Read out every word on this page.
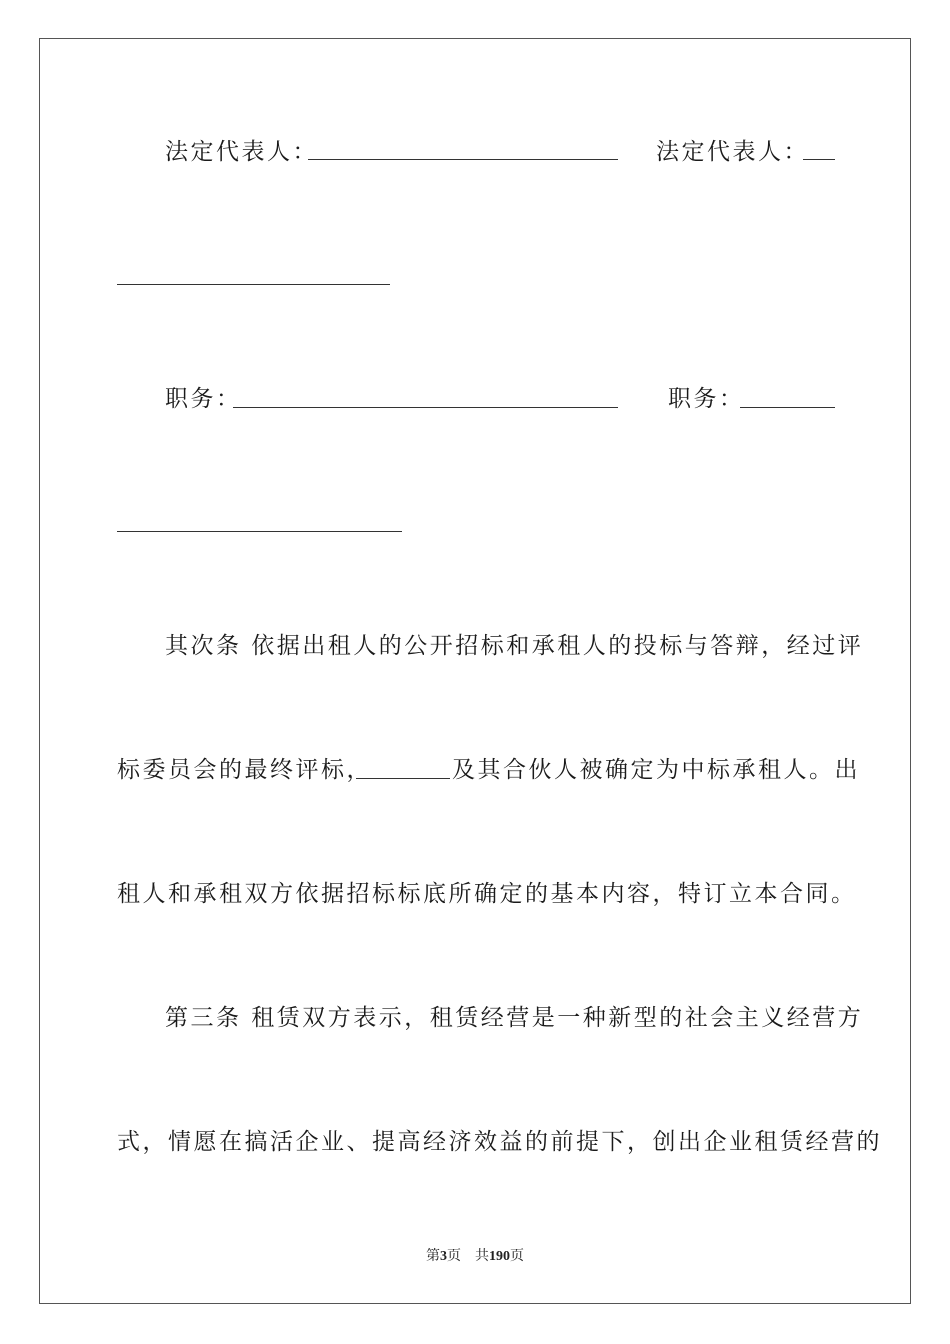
法定代表人：	法定代表人：
职务：	职务：
其次条 依据出租人的公开招标和承租人的投标与答辩，经过评
标委员会的最终评标，	及其合伙人被确定为中标承租人。出
租人和承租双方依据招标标底所确定的基本内容，特订立本合同。
第三条 租赁双方表示，租赁经营是一种新型的社会主义经营方
式，情愿在搞活企业、提高经济效益的前提下，创出企业租赁经营的
第3页 共190页
